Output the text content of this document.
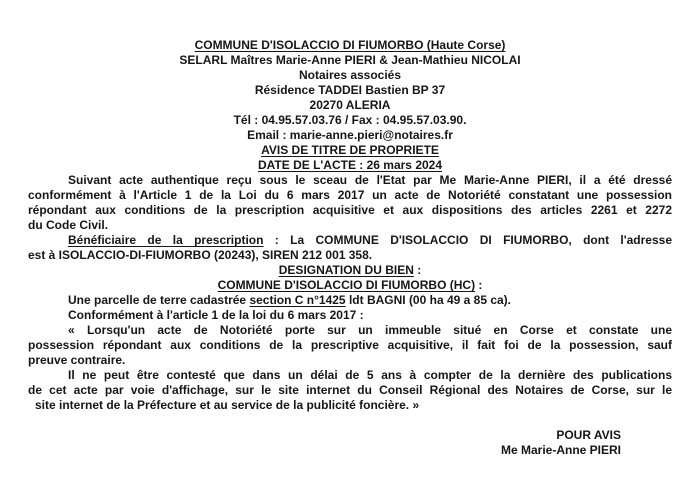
COMMUNE D'ISOLACCIO DI FIUMORBO (Haute Corse)
SELARL Maîtres Marie-Anne PIERI & Jean-Mathieu NICOLAI
Notaires associés
Résidence TADDEI Bastien BP 37
20270 ALERIA
Tél : 04.95.57.03.76 / Fax : 04.95.57.03.90.
Email : marie-anne.pieri@notaires.fr
AVIS DE TITRE DE PROPRIETE
DATE DE L'ACTE : 26 mars 2024
Suivant acte authentique reçu sous le sceau de l'Etat par Me Marie-Anne PIERI, il a été dressé
conformément à l'Article 1 de la Loi du 6 mars 2017 un acte de Notoriété constatant une possession
répondant aux conditions de la prescription acquisitive et aux dispositions des articles 2261 et 2272
du Code Civil.
Bénéficiaire de la prescription : La COMMUNE D'ISOLACCIO DI FIUMORBO, dont l'adresse
est à ISOLACCIO-DI-FIUMORBO (20243), SIREN 212 001 358.
DESIGNATION DU BIEN :
COMMUNE D'ISOLACCIO DI FIUMORBO (HC) :
Une parcelle de terre cadastrée section C n°1425 ldt BAGNI (00 ha 49 a 85 ca).
Conformément à l'article 1 de la loi du 6 mars 2017 :
« Lorsqu'un acte de Notoriété porte sur un immeuble situé en Corse et constate une
possession répondant aux conditions de la prescriptive acquisitive, il fait foi de la possession, sauf
preuve contraire.
Il ne peut être contesté que dans un délai de 5 ans à compter de la dernière des publications
de cet acte par voie d'affichage, sur le site internet du Conseil Régional des Notaires de Corse, sur le
site internet de la Préfecture et au service de la publicité foncière. »
POUR AVIS
Me Marie-Anne PIERI
